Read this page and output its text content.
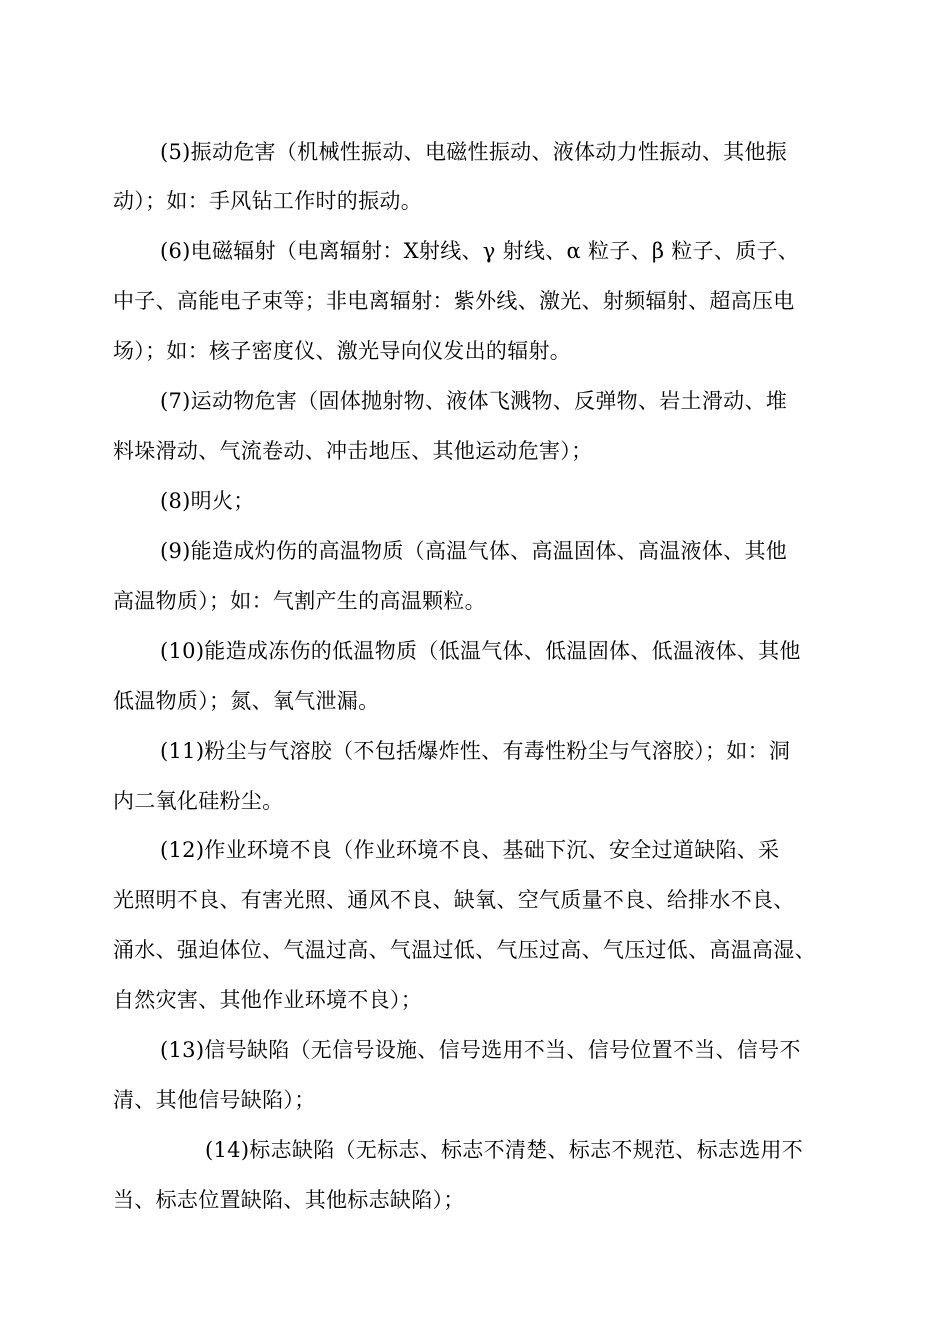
(5)振动危害（机械性振动、电磁性振动、液体动力性振动、其他振
动）；如：手风钻工作时的振动。
(6)电磁辐射（电离辐射：X射线、γ 射线、α 粒子、β 粒子、质子、
中子、高能电子束等；非电离辐射：紫外线、激光、射频辐射、超高压电
场）；如：核子密度仪、激光导向仪发出的辐射。
(7)运动物危害（固体抛射物、液体飞溅物、反弹物、岩土滑动、堆
料垛滑动、气流卷动、冲击地压、其他运动危害）；
(8)明火；
(9)能造成灼伤的高温物质（高温气体、高温固体、高温液体、其他
高温物质）；如：气割产生的高温颗粒。
(10)能造成冻伤的低温物质（低温气体、低温固体、低温液体、其他
低温物质）；氮、氧气泄漏。
(11)粉尘与气溶胶（不包括爆炸性、有毒性粉尘与气溶胶）；如：洞
内二氧化硅粉尘。
(12)作业环境不良（作业环境不良、基础下沉、安全过道缺陷、采
光照明不良、有害光照、通风不良、缺氧、空气质量不良、给排水不良、
涌水、强迫体位、气温过高、气温过低、气压过高、气压过低、高温高湿、
自然灾害、其他作业环境不良）；
(13)信号缺陷（无信号设施、信号选用不当、信号位置不当、信号不
清、其他信号缺陷）；
(14)标志缺陷（无标志、标志不清楚、标志不规范、标志选用不
当、标志位置缺陷、其他标志缺陷）；
